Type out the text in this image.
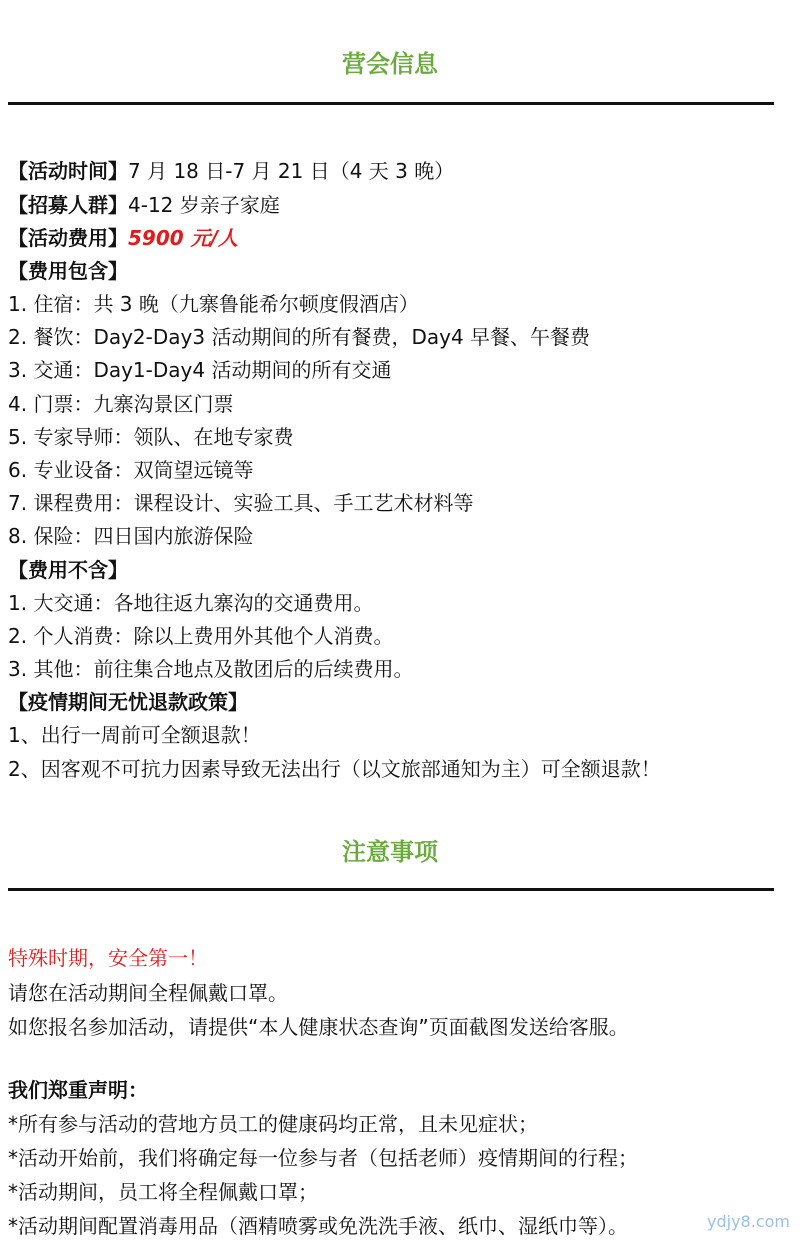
营会信息
【活动时间】7 月 18 日-7 月 21 日（4 天 3 晚）
【招募人群】4-12 岁亲子家庭
【活动费用】5900 元/人
【费用包含】
1. 住宿：共 3 晚（九寨鲁能希尔顿度假酒店）
2. 餐饮：Day2-Day3 活动期间的所有餐费，Day4 早餐、午餐费
3. 交通：Day1-Day4 活动期间的所有交通
4. 门票：九寨沟景区门票
5. 专家导师：领队、在地专家费
6. 专业设备：双筒望远镜等
7. 课程费用：课程设计、实验工具、手工艺术材料等
8. 保险：四日国内旅游保险
【费用不含】
1. 大交通：各地往返九寨沟的交通费用。
2. 个人消费：除以上费用外其他个人消费。
3. 其他：前往集合地点及散团后的后续费用。
【疫情期间无忧退款政策】
1、出行一周前可全额退款！
2、因客观不可抗力因素导致无法出行（以文旅部通知为主）可全额退款！
注意事项
特殊时期，安全第一！
请您在活动期间全程佩戴口罩。
如您报名参加活动，请提供“本人健康状态查询”页面截图发送给客服。
我们郑重声明：
*所有参与活动的营地方员工的健康码均正常，且未见症状；
*活动开始前，我们将确定每一位参与者（包括老师）疫情期间的行程；
*活动期间，员工将全程佩戴口罩；
*活动期间配置消毒用品（酒精喷雾或免洗洗手液、纸巾、湿纸巾等）。	ydjy8.com
